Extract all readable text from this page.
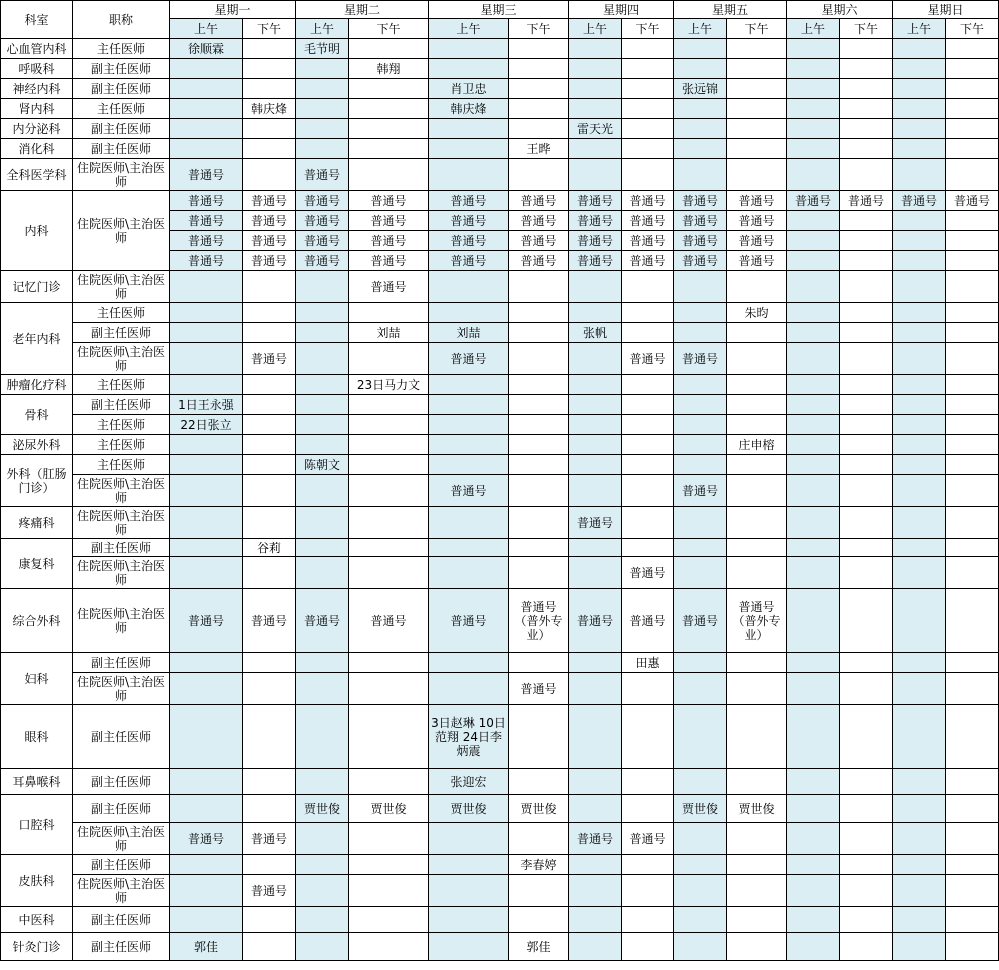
科室	职称	星期一		星期二		星期三		星期四		星期五		星期六		星期日	
		上午	下午	上午	下午	上午	下午	上午	下午	上午	下午	上午	下午	上午	下午
心血管内科	主任医师	徐顺霖		毛节明											
呼吸科	副主任医师				韩翔										
神经内科	副主任医师					肖卫忠				张远锦					
肾内科	主任医师		韩庆烽			韩庆烽									
内分泌科	副主任医师							雷天光							
消化科	副主任医师						王晔								
全科医学科	住院医师\主治医师	普通号		普通号											
内科	住院医师\主治医师	普通号	普通号	普通号	普通号	普通号	普通号	普通号	普通号	普通号	普通号	普通号	普通号	普通号	普通号
		普通号	普通号	普通号	普通号	普通号	普通号	普通号	普通号	普通号	普通号				
		普通号	普通号	普通号	普通号	普通号	普通号	普通号	普通号	普通号	普通号				
		普通号	普通号	普通号	普通号	普通号	普通号	普通号	普通号	普通号	普通号				
记忆门诊	住院医师\主治医师				普通号										
老年内科	主任医师										朱昀				
	副主任医师				刘喆	刘喆		张帆							
	住院医师\主治医师		普通号			普通号			普通号	普通号					
肿瘤化疗科	主任医师				23日马力文										
骨科	副主任医师	1日王永强													
	主任医师	22日张立													
泌尿外科	主任医师										庄申榕				
外科（肛肠门诊）	主任医师			陈朝文											
	住院医师\主治医师					普通号				普通号					
疼痛科	住院医师\主治医师							普通号							
康复科	副主任医师		谷莉												
	住院医师\主治医师								普通号						
综合外科	住院医师\主治医师	普通号	普通号	普通号	普通号	普通号	普通号（普外专业）	普通号	普通号	普通号	普通号（普外专业）				
妇科	副主任医师								田惠						
	住院医师\主治医师						普通号								
眼科	副主任医师					3日赵琳 10日范翔 24日李炳震									
耳鼻喉科	副主任医师					张迎宏									
口腔科	副主任医师			贾世俊	贾世俊	贾世俊	贾世俊			贾世俊	贾世俊				
	住院医师\主治医师	普通号	普通号					普通号	普通号						
皮肤科	副主任医师						李春婷								
	住院医师\主治医师		普通号												
中医科	副主任医师														
针灸门诊	副主任医师	郭佳					郭佳								
